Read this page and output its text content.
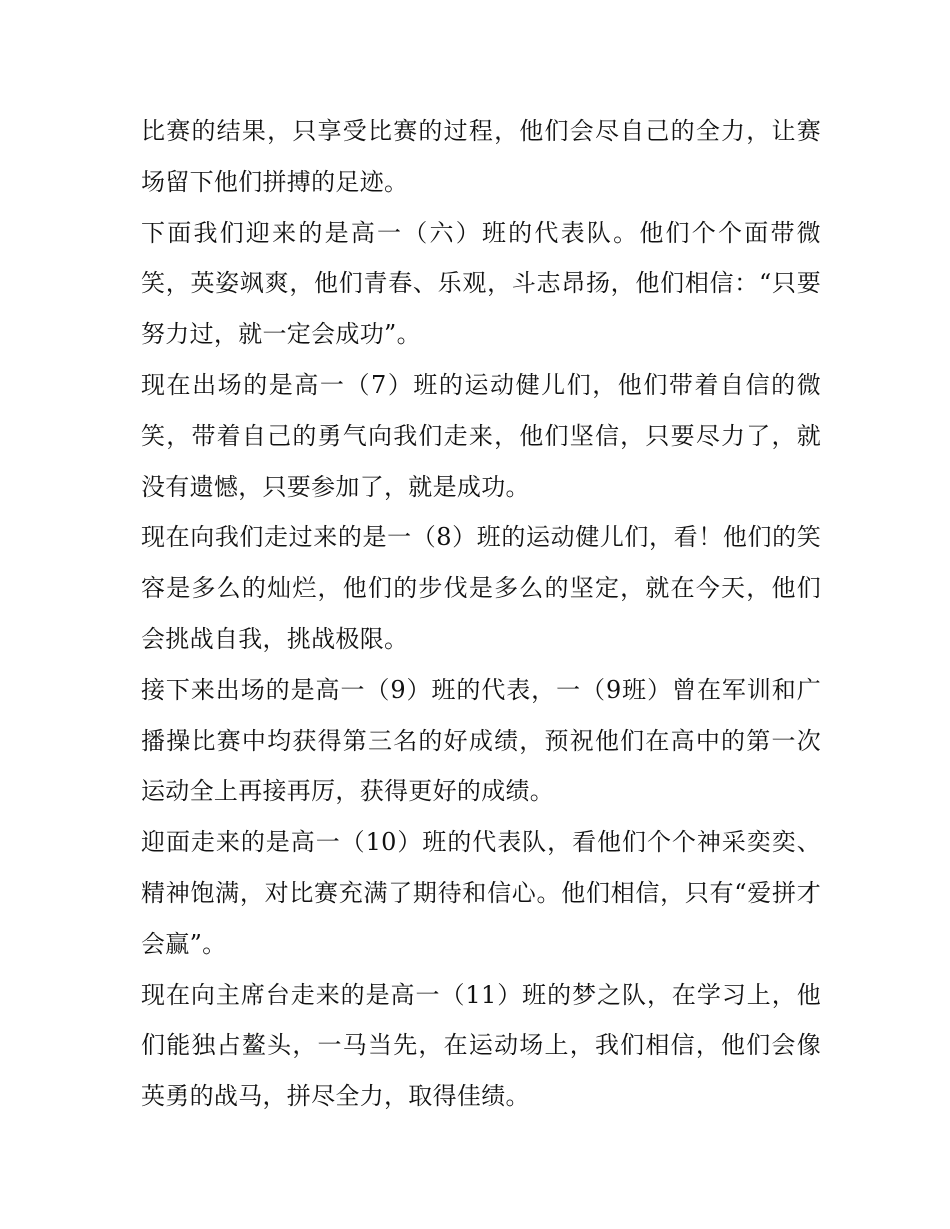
比赛的结果，只享受比赛的过程，他们会尽自己的全力，让赛场留下他们拼搏的足迹。

下面我们迎来的是高一（六）班的代表队。他们个个面带微笑，英姿飒爽，他们青春、乐观，斗志昂扬，他们相信：“只要努力过，就一定会成功”。

现在出场的是高一（7）班的运动健儿们，他们带着自信的微笑，带着自己的勇气向我们走来，他们坚信，只要尽力了，就没有遗憾，只要参加了，就是成功。

现在向我们走过来的是一（8）班的运动健儿们，看！他们的笑容是多么的灿烂，他们的步伐是多么的坚定，就在今天，他们会挑战自我，挑战极限。

接下来出场的是高一（9）班的代表，一（9班）曾在军训和广播操比赛中均获得第三名的好成绩，预祝他们在高中的第一次运动全上再接再厉，获得更好的成绩。

迎面走来的是高一（10）班的代表队，看他们个个神采奕奕、精神饱满，对比赛充满了期待和信心。他们相信，只有“爱拼才会赢”。

现在向主席台走来的是高一（11）班的梦之队，在学习上，他们能独占鳌头，一马当先，在运动场上，我们相信，他们会像英勇的战马，拼尽全力，取得佳绩。
